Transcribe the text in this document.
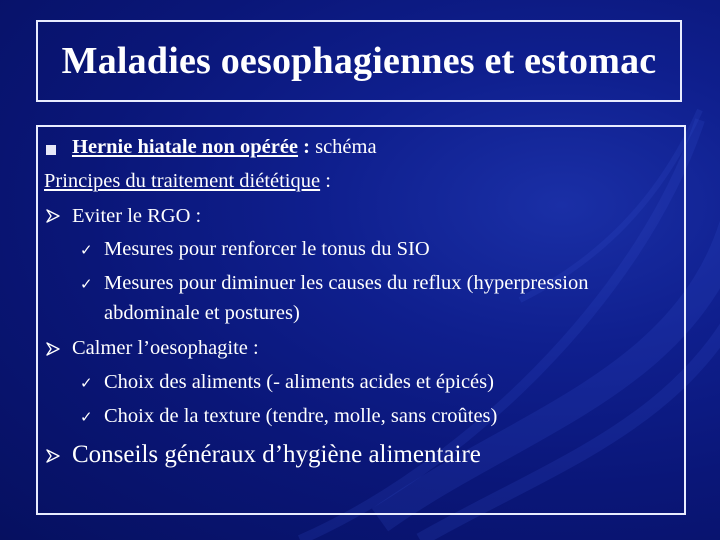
Maladies oesophagiennes et estomac
Hernie hiatale non opérée : schéma
Principes du traitement diététique :
Eviter le RGO :
✓ Mesures pour renforcer le tonus du SIO
✓ Mesures pour diminuer les causes du reflux (hyperpression
abdominale et postures)
Calmer l’oesophagite :
✓ Choix des aliments (- aliments acides et épicés)
✓ Choix de la texture (tendre, molle, sans croûtes)
Conseils généraux d’hygiène alimentaire
